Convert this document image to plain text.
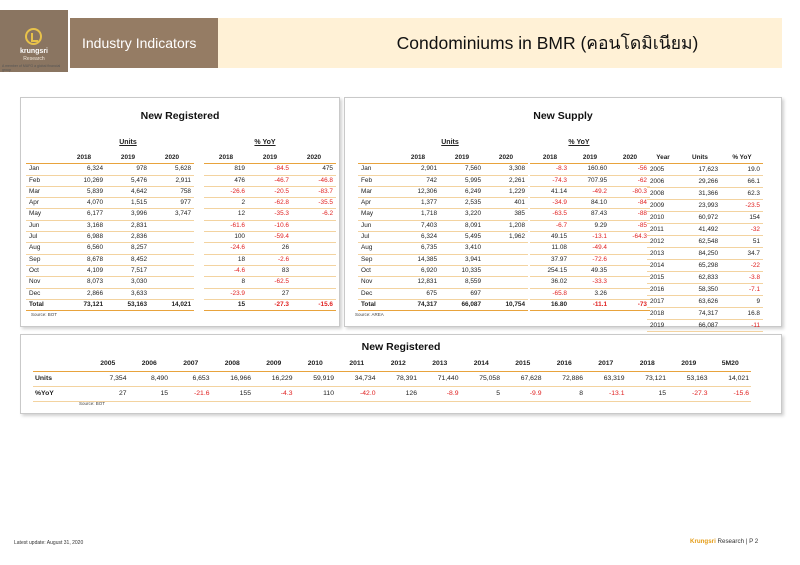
krungsri
Research
A member of MUFG a global financial group
Industry Indicators	Condominiums in BMR (คอนโดมิเนียม)
New Registered
Units	% YoY
	2018	2019	2020
Jan	6,324	978	5,628
Feb	10,269	5,476	2,911
Mar	5,839	4,642	758
Apr	4,070	1,515	977
May	6,177	3,996	3,747
Jun	3,168	2,831	
Jul	6,988	2,836	
Aug	6,560	8,257	
Sep	8,678	8,452	
Oct	4,109	7,517	
Nov	8,073	3,030	
Dec	2,866	3,633	
Total	73,121	53,163	14,021
2018	2019	2020
819	-84.5	475
476	-46.7	-46.8
-26.6	-20.5	-83.7
2	-62.8	-35.5
12	-35.3	-6.2
-61.6	-10.6	
100	-59.4	
-24.6	26	
18	-2.6	
-4.6	83	
8	-62.5	
-23.9	27	
15	-27.3	-15.6
Source: BOT
New Supply
Units	% YoY
	2018	2019	2020
Jan	2,901	7,560	3,308
Feb	742	5,995	2,261
Mar	12,306	6,249	1,229
Apr	1,377	2,535	401
May	1,718	3,220	385
Jun	7,403	8,091	1,208
Jul	6,324	5,495	1,962
Aug	6,735	3,410	
Sep	14,385	3,941	
Oct	6,920	10,335	
Nov	12,831	8,559	
Dec	675	697	
Total	74,317	66,087	10,754
2018	2019	2020
-8.3	160.60	-56
-74.3	707.95	-62
41.14	-49.2	-80.3
-34.9	84.10	-84
-63.5	87.43	-88
-6.7	9.29	-85
49.15	-13.1	-64.3
11.08	-49.4	
37.97	-72.6	
254.15	49.35	
36.02	-33.3	
-65.8	3.26	
16.80	-11.1	-73
Year	Units	% YoY
2005	17,623	19.0
2006	29,266	66.1
2008	31,366	62.3
2009	23,993	-23.5
2010	60,972	154
2011	41,492	-32
2012	62,548	51
2013	84,250	34.7
2014	65,298	-22
2015	62,833	-3.8
2016	58,350	-7.1
2017	63,626	9
2018	74,317	16.8
2019	66,087	-11

Source: AREA
New Registered
	2005	2006	2007	2008	2009	2010	2011	2012	2013	2014	2015	2016	2017	2018	2019	5M20
Units	7,354	8,490	6,653	16,966	16,229	59,919	34,734	78,391	71,440	75,058	67,628	72,886	63,319	73,121	53,163	14,021
%YoY	27	15	-21.6	155	-4.3	110	-42.0	126	-8.9	5	-9.9	8	-13.1	15	-27.3	-15.6
Source: BOT
Latest update: August 31, 2020	Krungsri Research | P 2
